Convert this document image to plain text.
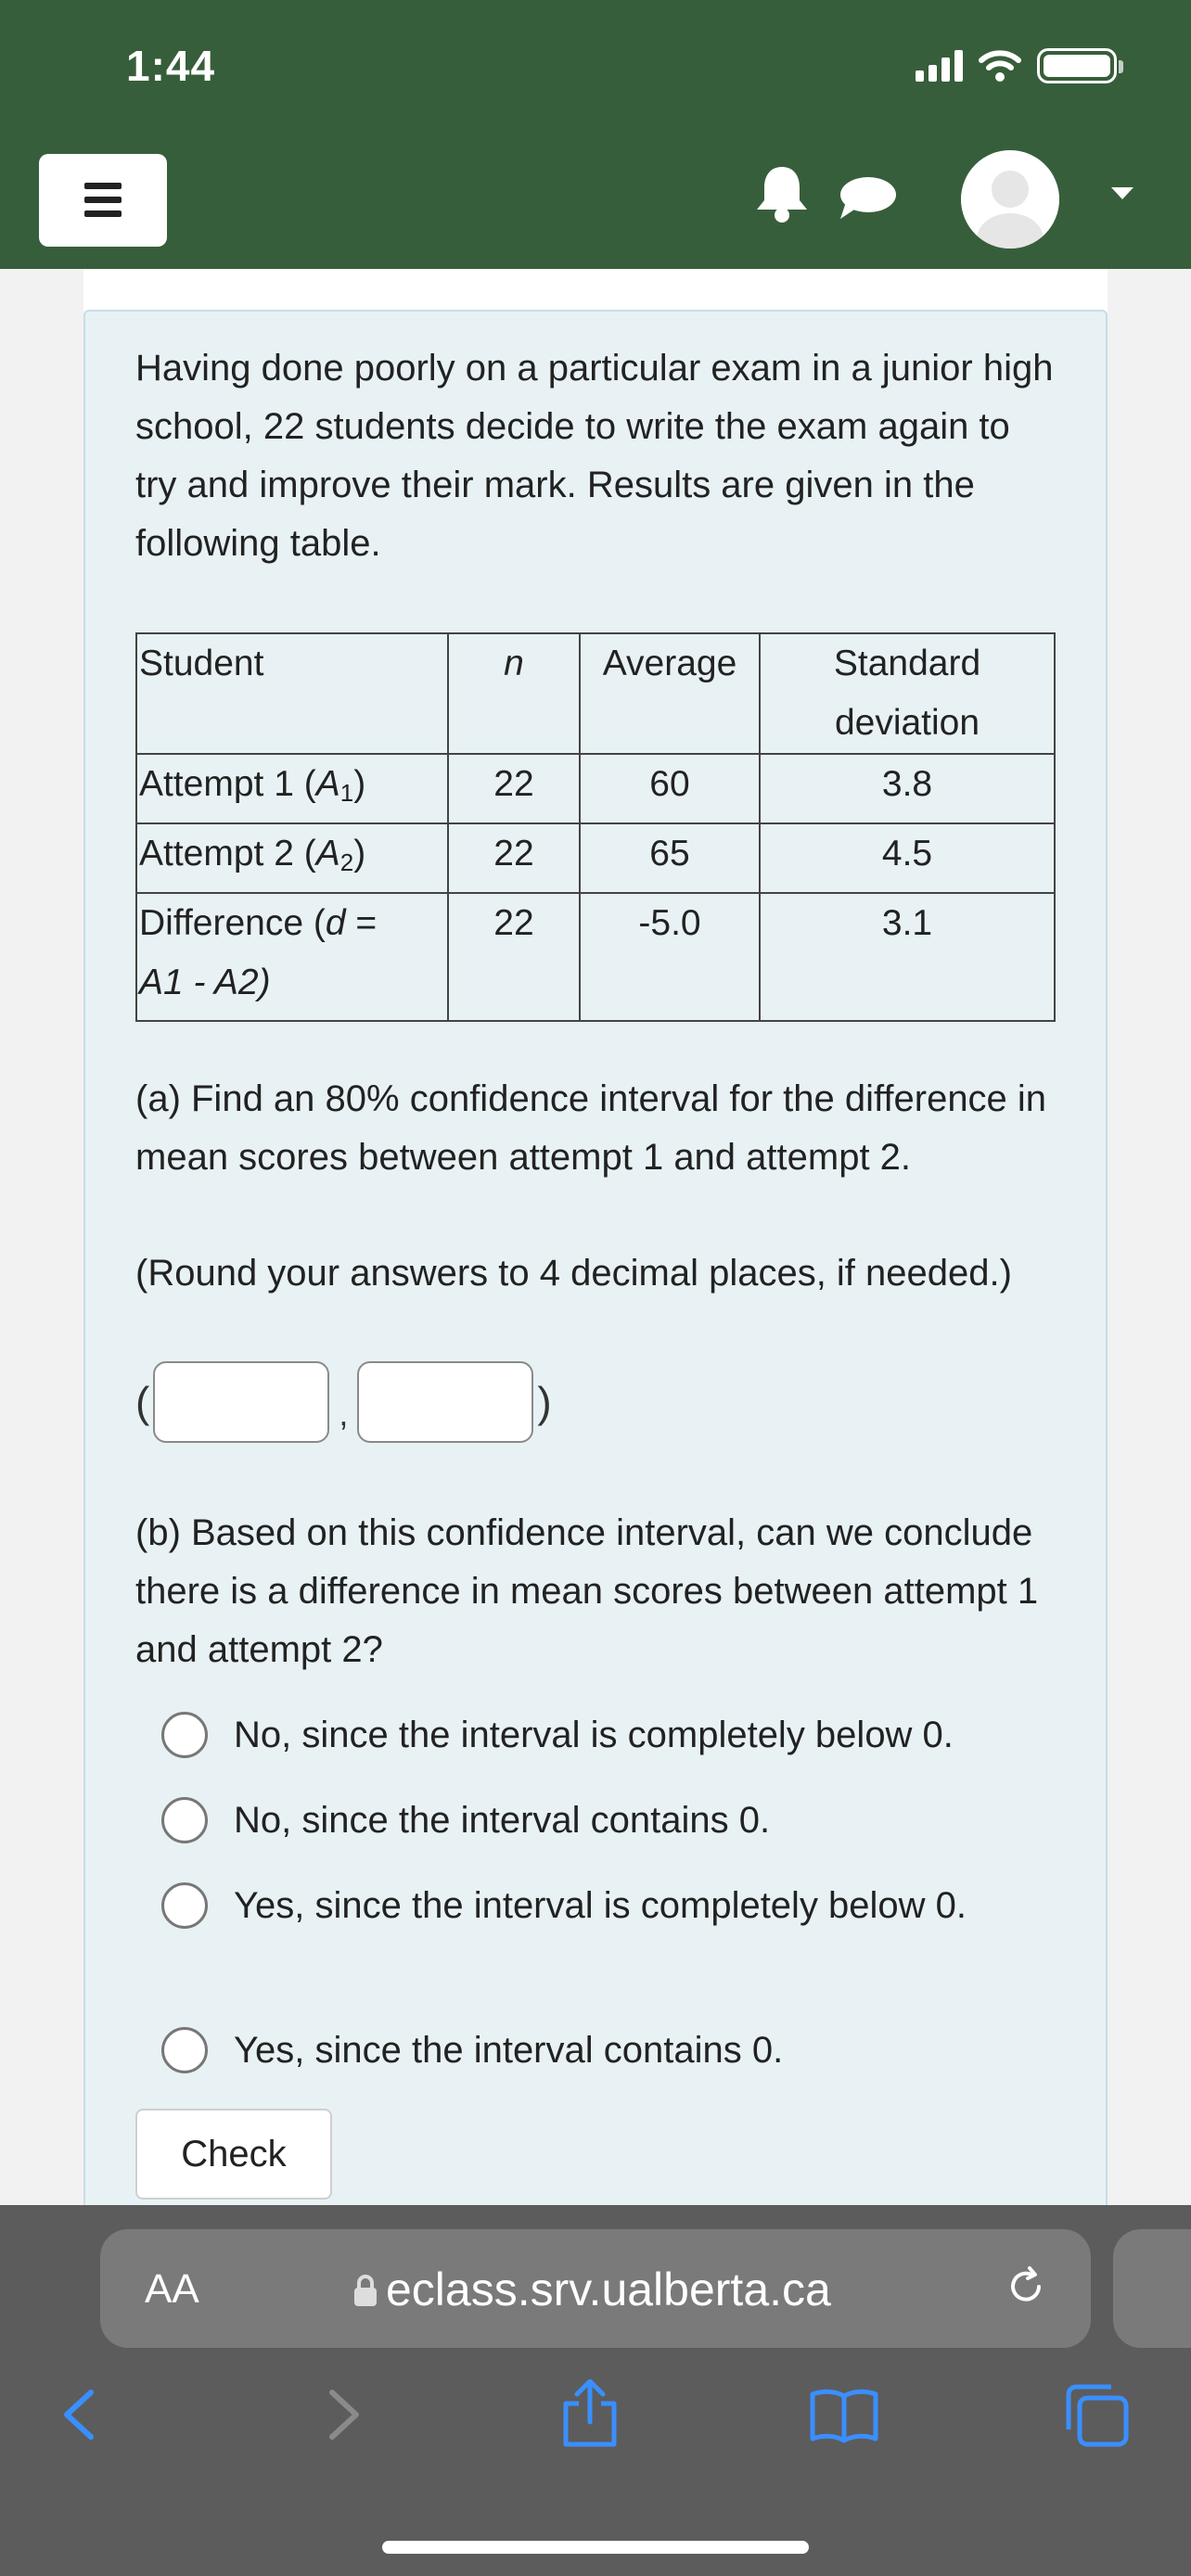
1:44
Having done poorly on a particular exam in a junior high school, 22 students decide to write the exam again to try and improve their mark. Results are given in the following table.
Student	n	Average	Standard deviation
Attempt 1 $(A_1)$	22	60	3.8
Attempt 2 $(A_2)$	22	65	4.5
Difference (d =
A1 - A2)	22	-5.0	3.1
(a) Find an 80% confidence interval for the difference in mean scores between attempt 1 and attempt 2.
(Round your answers to 4 decimal places, if needed.)
(	,	)
(b) Based on this confidence interval, can we conclude there is a difference in mean scores between attempt 1 and attempt 2?
No, since the interval is completely below 0.
No, since the interval contains 0.
Yes, since the interval is completely below 0.
Yes, since the interval contains 0.
Check
AA	eclass.srv.ualberta.ca
